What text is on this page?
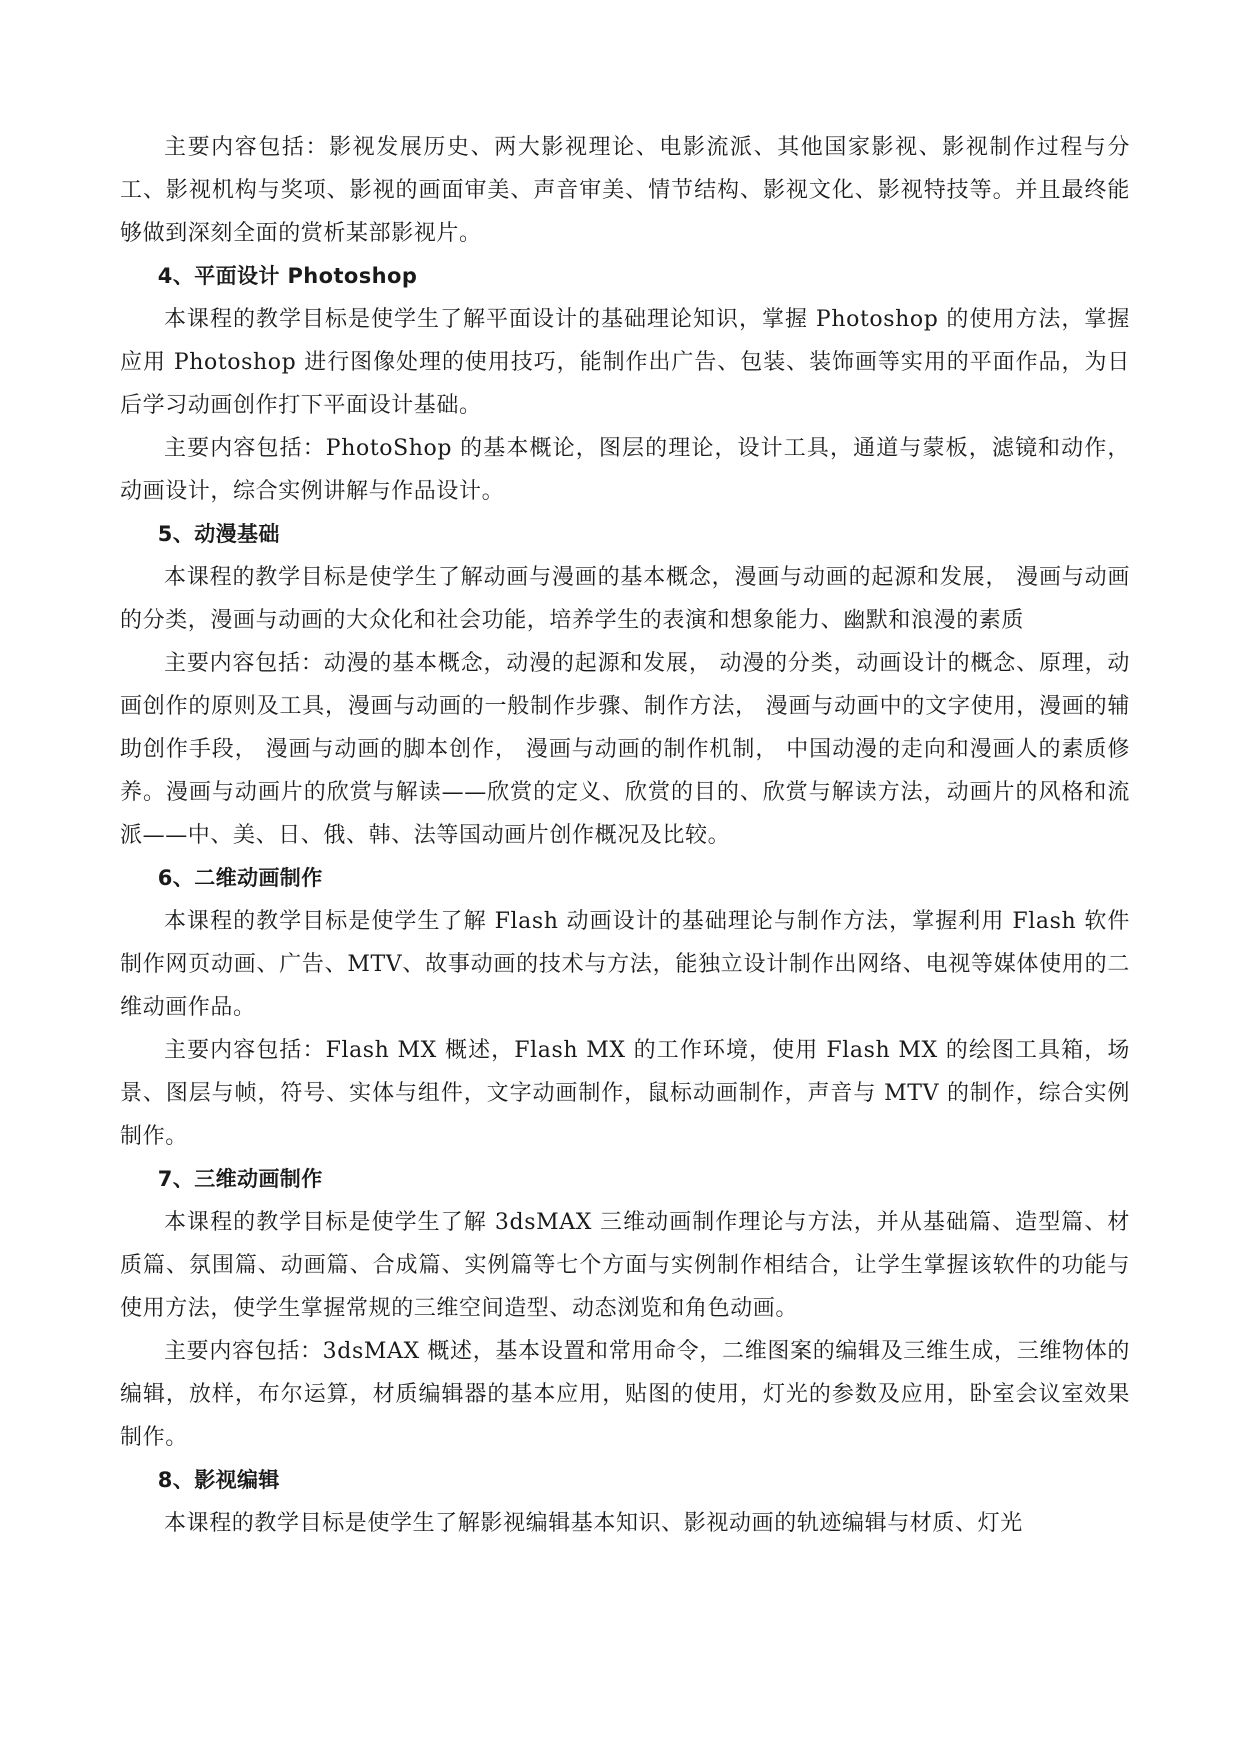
主要内容包括：影视发展历史、两大影视理论、电影流派、其他国家影视、影视制作过程与分工、影视机构与奖项、影视的画面审美、声音审美、情节结构、影视文化、影视特技等。并且最终能够做到深刻全面的赏析某部影视片。

4、平面设计 Photoshop

本课程的教学目标是使学生了解平面设计的基础理论知识，掌握 Photoshop 的使用方法，掌握应用 Photoshop 进行图像处理的使用技巧，能制作出广告、包装、装饰画等实用的平面作品，为日后学习动画创作打下平面设计基础。

主要内容包括：PhotoShop 的基本概论，图层的理论，设计工具，通道与蒙板，滤镜和动作，动画设计，综合实例讲解与作品设计。

5、动漫基础

本课程的教学目标是使学生了解动画与漫画的基本概念，漫画与动画的起源和发展， 漫画与动画的分类，漫画与动画的大众化和社会功能，培养学生的表演和想象能力、幽默和浪漫的素质

主要内容包括：动漫的基本概念，动漫的起源和发展， 动漫的分类，动画设计的概念、原理，动画创作的原则及工具，漫画与动画的一般制作步骤、制作方法， 漫画与动画中的文字使用，漫画的辅助创作手段， 漫画与动画的脚本创作， 漫画与动画的制作机制， 中国动漫的走向和漫画人的素质修养。漫画与动画片的欣赏与解读——欣赏的定义、欣赏的目的、欣赏与解读方法，动画片的风格和流派——中、美、日、俄、韩、法等国动画片创作概况及比较。

6、二维动画制作

本课程的教学目标是使学生了解 Flash 动画设计的基础理论与制作方法，掌握利用 Flash 软件制作网页动画、广告、MTV、故事动画的技术与方法，能独立设计制作出网络、电视等媒体使用的二维动画作品。

主要内容包括：Flash MX 概述，Flash MX 的工作环境，使用 Flash MX 的绘图工具箱，场景、图层与帧，符号、实体与组件，文字动画制作，鼠标动画制作，声音与 MTV 的制作，综合实例制作。

7、三维动画制作

本课程的教学目标是使学生了解 3dsMAX 三维动画制作理论与方法，并从基础篇、造型篇、材质篇、氛围篇、动画篇、合成篇、实例篇等七个方面与实例制作相结合，让学生掌握该软件的功能与使用方法，使学生掌握常规的三维空间造型、动态浏览和角色动画。

主要内容包括：3dsMAX 概述，基本设置和常用命令，二维图案的编辑及三维生成，三维物体的编辑，放样，布尔运算，材质编辑器的基本应用，贴图的使用，灯光的参数及应用，卧室会议室效果制作。

8、影视编辑

本课程的教学目标是使学生了解影视编辑基本知识、影视动画的轨迹编辑与材质、灯光
